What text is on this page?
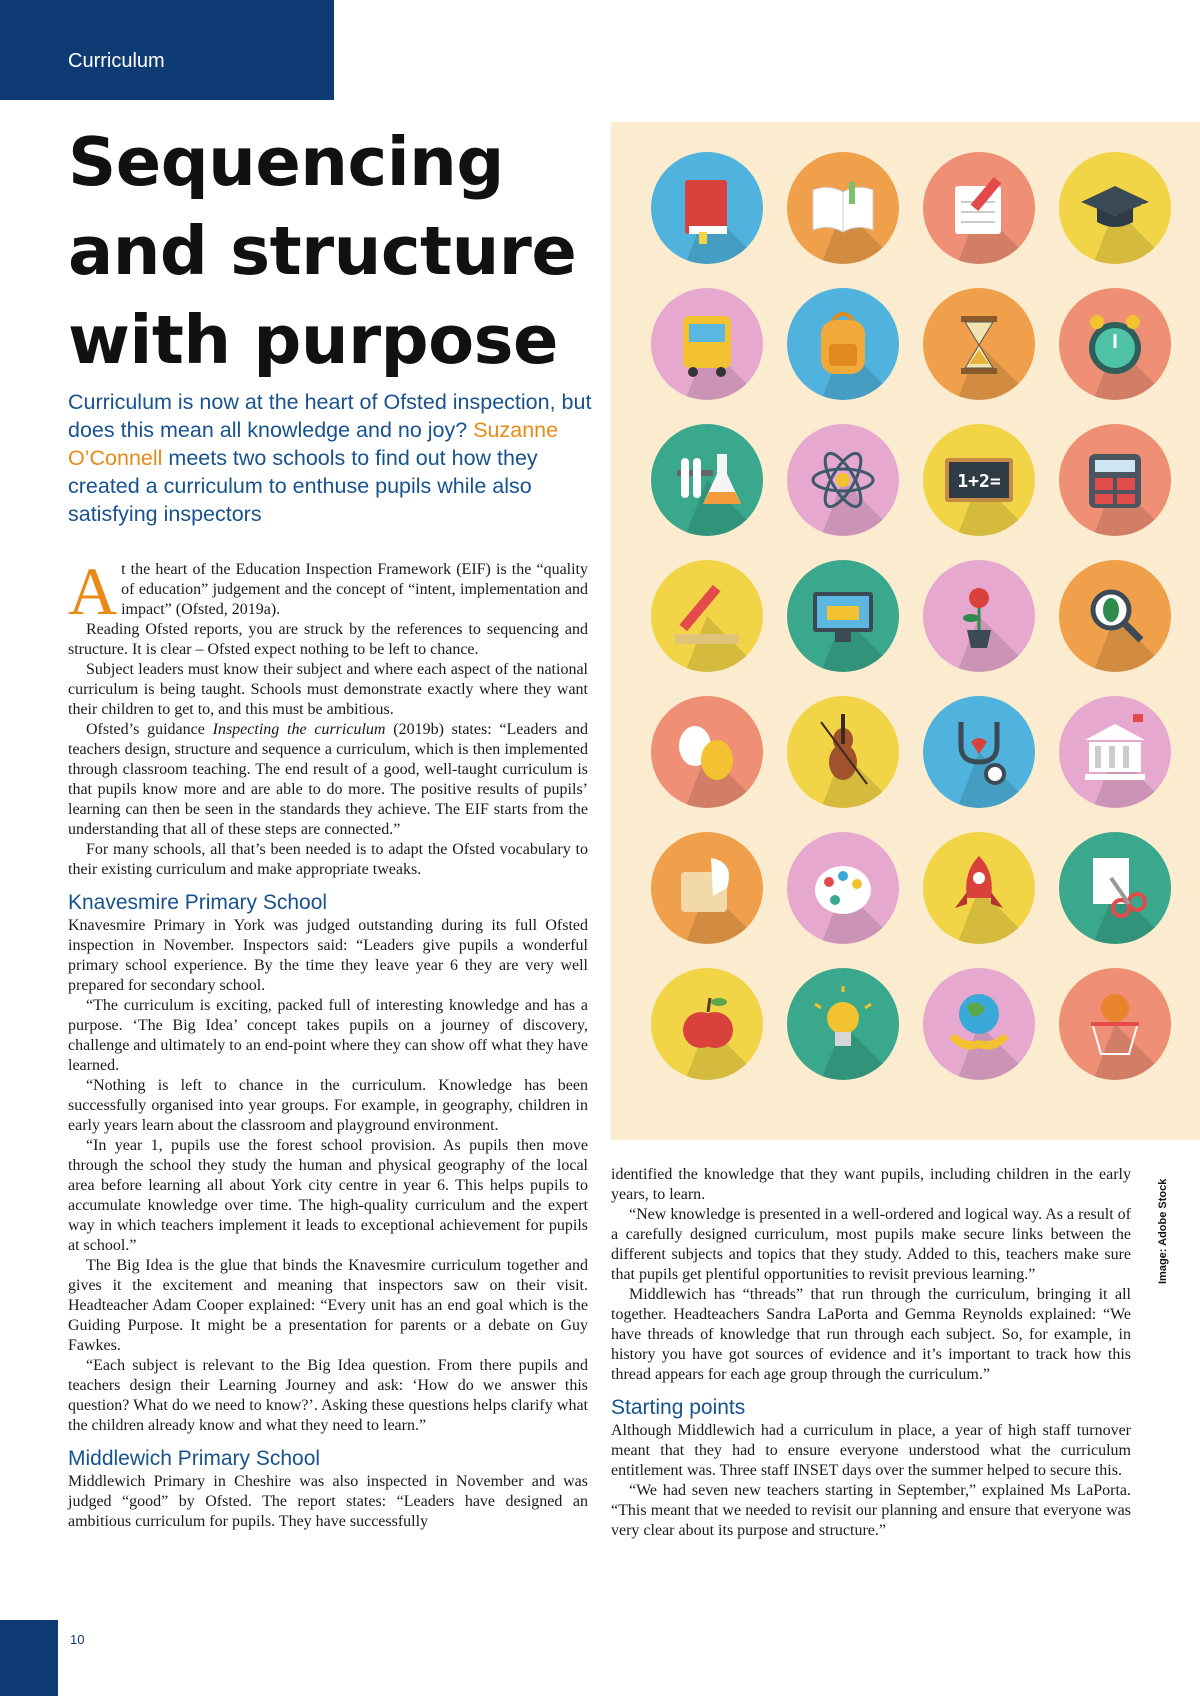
Curriculum
Sequencing
and structure
with purpose

Curriculum is now at the heart of Ofsted inspection, but does this mean all knowledge and no joy? Suzanne O’Connell meets two schools to find out how they created a curriculum to enthuse pupils while also satisfying inspectors

At the heart of the Education Inspection Framework (EIF) is the “quality of education” judgement and the concept of “intent, implementation and impact” (Ofsted, 2019a).

Reading Ofsted reports, you are struck by the references to sequencing and structure. It is clear – Ofsted expect nothing to be left to chance.

Subject leaders must know their subject and where each aspect of the national curriculum is being taught. Schools must demonstrate exactly where they want their children to get to, and this must be ambitious.

Ofsted’s guidance Inspecting the curriculum (2019b) states: “Leaders and teachers design, structure and sequence a curriculum, which is then implemented through classroom teaching. The end result of a good, well-taught curriculum is that pupils know more and are able to do more. The positive results of pupils’ learning can then be seen in the standards they achieve. The EIF starts from the understanding that all of these steps are connected.”

For many schools, all that’s been needed is to adapt the Ofsted vocabulary to their existing curriculum and make appropriate tweaks.

Knavesmire Primary School

Knavesmire Primary in York was judged outstanding during its full Ofsted inspection in November. Inspectors said: “Leaders give pupils a wonderful primary school experience. By the time they leave year 6 they are very well prepared for secondary school.

“The curriculum is exciting, packed full of interesting knowledge and has a purpose. ‘The Big Idea’ concept takes pupils on a journey of discovery, challenge and ultimately to an end-point where they can show off what they have learned.

“Nothing is left to chance in the curriculum. Knowledge has been successfully organised into year groups. For example, in geography, children in early years learn about the classroom and playground environment.

“In year 1, pupils use the forest school provision. As pupils then move through the school they study the human and physical geography of the local area before learning all about York city centre in year 6. This helps pupils to accumulate knowledge over time. The high-quality curriculum and the expert way in which teachers implement it leads to exceptional achievement for pupils at school.”

The Big Idea is the glue that binds the Knavesmire curriculum together and gives it the excitement and meaning that inspectors saw on their visit. Headteacher Adam Cooper explained: “Every unit has an end goal which is the Guiding Purpose. It might be a presentation for parents or a debate on Guy Fawkes.

“Each subject is relevant to the Big Idea question. From there pupils and teachers design their Learning Journey and ask: ‘How do we answer this question? What do we need to know?’. Asking these questions helps clarify what the children already know and what they need to learn.”

Middlewich Primary School

Middlewich Primary in Cheshire was also inspected in November and was judged “good” by Ofsted. The report states: “Leaders have designed an ambitious curriculum for pupils. They have successfully

1+2=

identified the knowledge that they want pupils, including children in the early years, to learn.

“New knowledge is presented in a well-ordered and logical way. As a result of a carefully designed curriculum, most pupils make secure links between the different subjects and topics that they study. Added to this, teachers make sure that pupils get plentiful opportunities to revisit previous learning.”

Middlewich has “threads” that run through the curriculum, bringing it all together. Headteachers Sandra LaPorta and Gemma Reynolds explained: “We have threads of knowledge that run through each subject. So, for example, in history you have got sources of evidence and it’s important to track how this thread appears for each age group through the curriculum.”

Starting points

Although Middlewich had a curriculum in place, a year of high staff turnover meant that they had to ensure everyone understood what the curriculum entitlement was. Three staff INSET days over the summer helped to secure this.

“We had seven new teachers starting in September,” explained Ms LaPorta. “This meant that we needed to revisit our planning and ensure that everyone was very clear about its purpose and structure.”

Image: Adobe Stock
10
